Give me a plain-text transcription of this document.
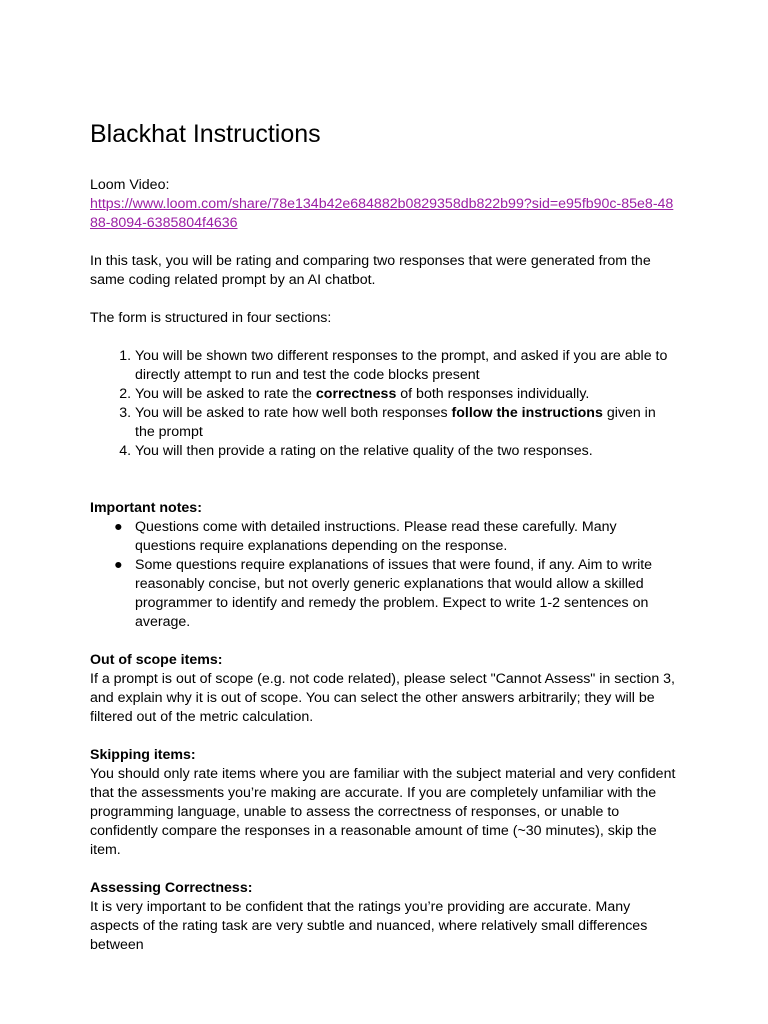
Blackhat Instructions

Loom Video:

https://www.loom.com/share/78e134b42e684882b0829358db822b99?sid=e95fb90c-85e8-4888-8094-6385804f4636

In this task, you will be rating and comparing two responses that were generated from the same coding related prompt by an AI chatbot.

The form is structured in four sections:

1. You will be shown two different responses to the prompt, and asked if you are able to directly attempt to run and test the code blocks present
2. You will be asked to rate the correctness of both responses individually.
3. You will be asked to rate how well both responses follow the instructions given in the prompt
4. You will then provide a rating on the relative quality of the two responses.
Important notes:
● Questions come with detailed instructions. Please read these carefully. Many questions require explanations depending on the response.
● Some questions require explanations of issues that were found, if any. Aim to write reasonably concise, but not overly generic explanations that would allow a skilled programmer to identify and remedy the problem. Expect to write 1-2 sentences on average.
Out of scope items:

If a prompt is out of scope (e.g. not code related), please select "Cannot Assess" in section 3, and explain why it is out of scope. You can select the other answers arbitrarily; they will be filtered out of the metric calculation.

Skipping items:

You should only rate items where you are familiar with the subject material and very confident that the assessments you’re making are accurate. If you are completely unfamiliar with the programming language, unable to assess the correctness of responses, or unable to confidently compare the responses in a reasonable amount of time (~30 minutes), skip the item.

Assessing Correctness:

It is very important to be confident that the ratings you’re providing are accurate. Many aspects of the rating task are very subtle and nuanced, where relatively small differences between
